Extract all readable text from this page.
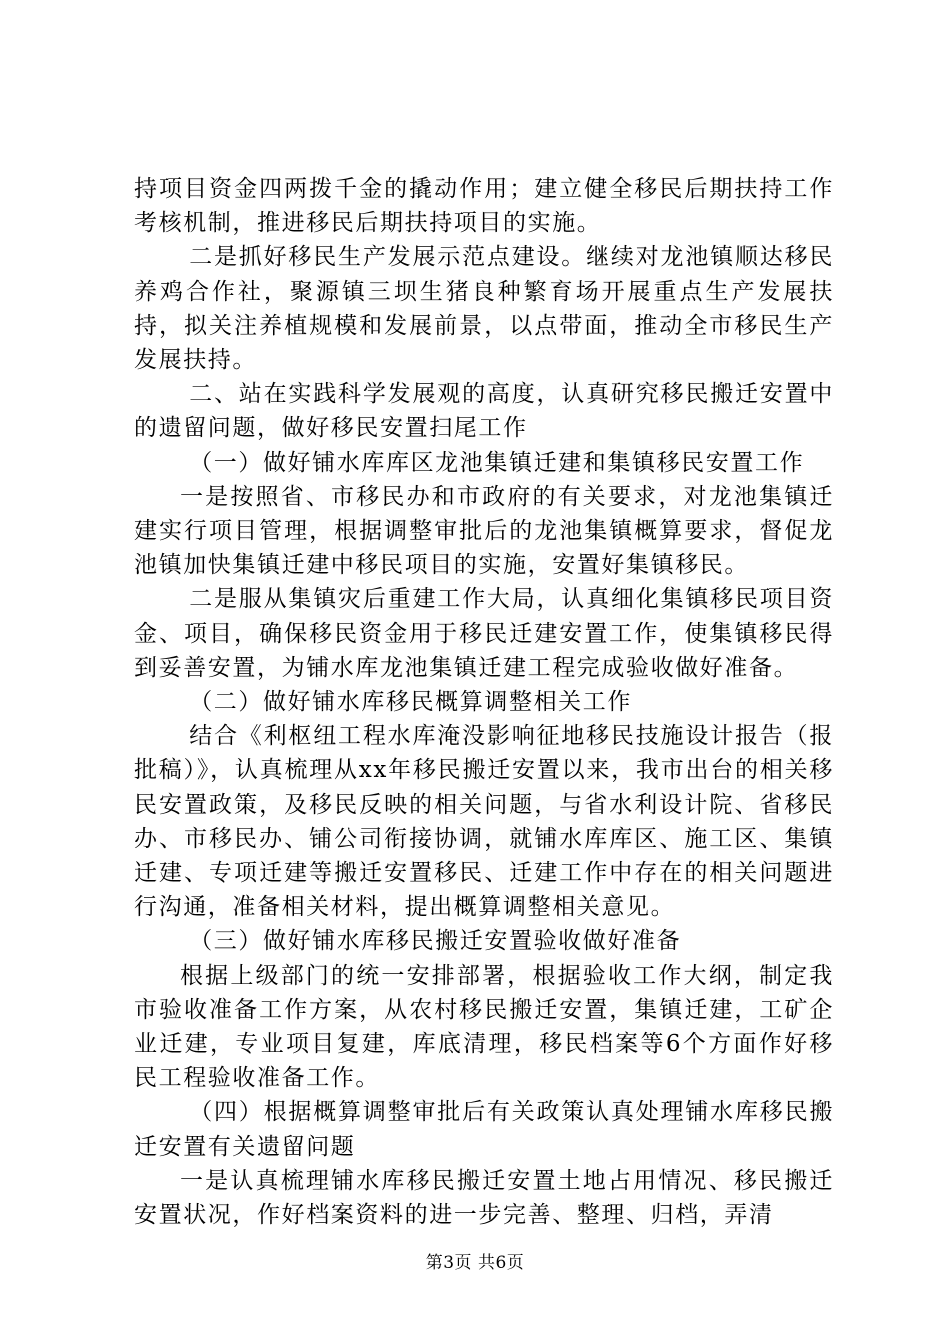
持项目资金四两拨千金的撬动作用；建立健全移民后期扶持工作考核机制，推进移民后期扶持项目的实施。

二是抓好移民生产发展示范点建设。继续对龙池镇顺达移民养鸡合作社，聚源镇三坝生猪良种繁育场开展重点生产发展扶持，拟关注养植规模和发展前景，以点带面，推动全市移民生产发展扶持。

二、站在实践科学发展观的高度，认真研究移民搬迁安置中的遗留问题，做好移民安置扫尾工作

（一）做好铺水库库区龙池集镇迁建和集镇移民安置工作

一是按照省、市移民办和市政府的有关要求，对龙池集镇迁建实行项目管理，根据调整审批后的龙池集镇概算要求，督促龙池镇加快集镇迁建中移民项目的实施，安置好集镇移民。

二是服从集镇灾后重建工作大局，认真细化集镇移民项目资金、项目，确保移民资金用于移民迁建安置工作，使集镇移民得到妥善安置，为铺水库龙池集镇迁建工程完成验收做好准备。

（二）做好铺水库移民概算调整相关工作

结合《利枢纽工程水库淹没影响征地移民技施设计报告（报批稿）》，认真梳理从xx年移民搬迁安置以来，我市出台的相关移民安置政策，及移民反映的相关问题，与省水利设计院、省移民办、市移民办、铺公司衔接协调，就铺水库库区、施工区、集镇迁建、专项迁建等搬迁安置移民、迁建工作中存在的相关问题进行沟通，准备相关材料，提出概算调整相关意见。

（三）做好铺水库移民搬迁安置验收做好准备

根据上级部门的统一安排部署，根据验收工作大纲，制定我市验收准备工作方案，从农村移民搬迁安置，集镇迁建，工矿企业迁建，专业项目复建，库底清理，移民档案等6个方面作好移民工程验收准备工作。

（四）根据概算调整审批后有关政策认真处理铺水库移民搬迁安置有关遗留问题

一是认真梳理铺水库移民搬迁安置土地占用情况、移民搬迁安置状况，作好档案资料的进一步完善、整理、归档，弄清

第3页 共6页
